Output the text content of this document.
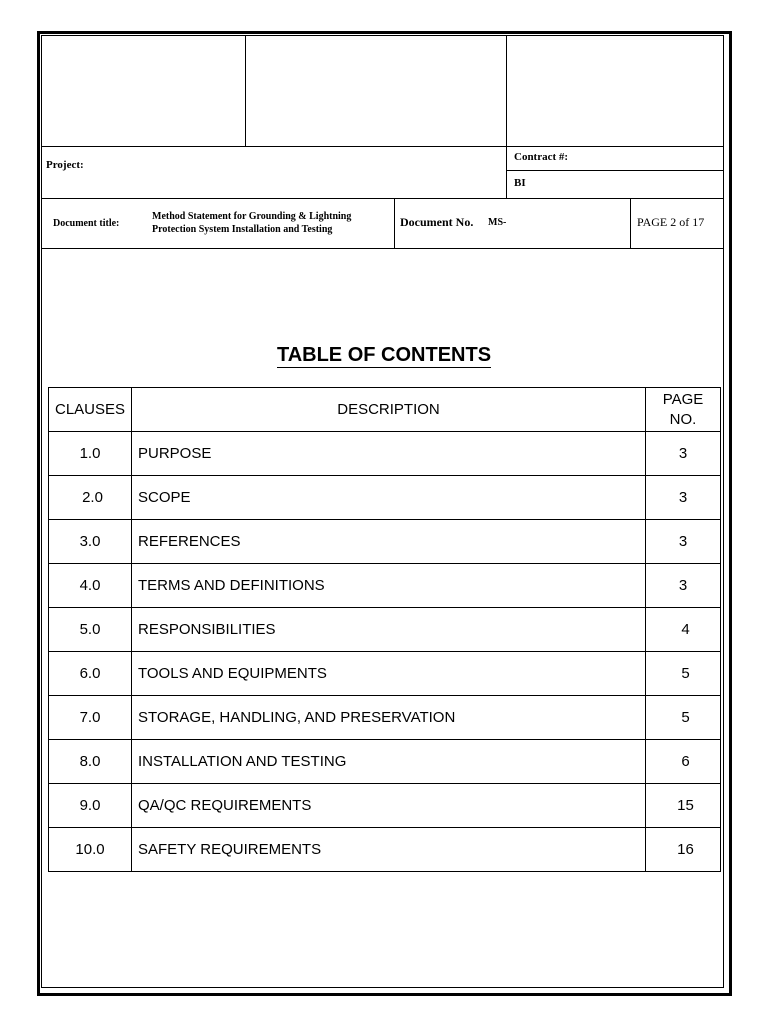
Project:
Contract #:
BI
Document title:
Method Statement for Grounding & Lightning
Protection System Installation and Testing
Document No. MS-	PAGE 2 of 17
TABLE OF CONTENTS
CLAUSES	DESCRIPTION	PAGE
NO.
1.0	PURPOSE	3
2.0	SCOPE	3
3.0	REFERENCES	3
4.0	TERMS AND DEFINITIONS	3
5.0	RESPONSIBILITIES	4
6.0	TOOLS AND EQUIPMENTS	5
7.0	STORAGE, HANDLING, AND PRESERVATION	5
8.0	INSTALLATION AND TESTING	6
9.0	QA/QC REQUIREMENTS	15
10.0	SAFETY REQUIREMENTS	16
